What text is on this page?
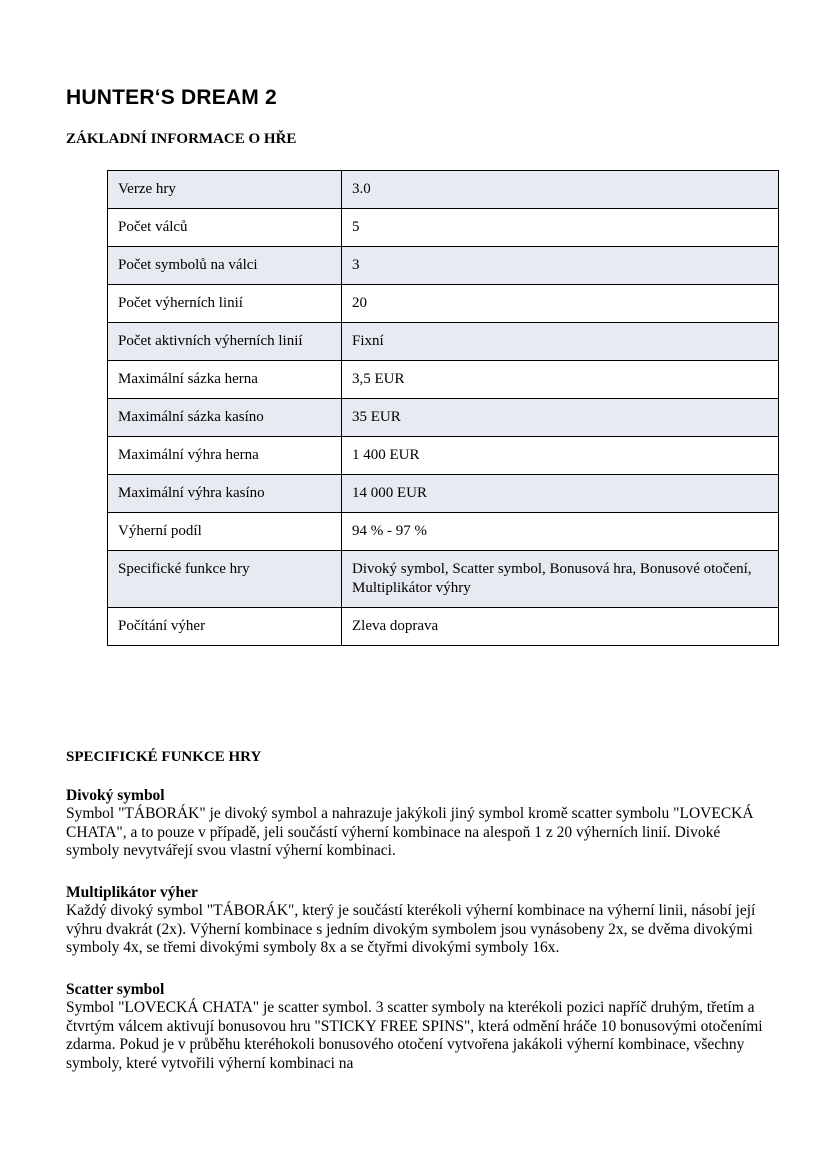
HUNTER‘S DREAM 2
ZÁKLADNÍ INFORMACE O HŘE
Verze hry	3.0
Počet válců	5
Počet symbolů na válci	3
Počet výherních linií	20
Počet aktivních výherních linií	Fixní
Maximální sázka herna	3,5 EUR
Maximální sázka kasíno	35 EUR
Maximální výhra herna	1 400 EUR
Maximální výhra kasíno	14 000 EUR
Výherní podíl	94 % - 97 %
Specifické funkce hry	Divoký symbol, Scatter symbol, Bonusová hra, Bonusové otočení, Multiplikátor výhry
Počítání výher	Zleva doprava
SPECIFICKÉ FUNKCE HRY
Divoký symbol

Symbol "TÁBORÁK" je divoký symbol a nahrazuje jakýkoli jiný symbol kromě scatter symbolu "LOVECKÁ CHATA", a to pouze v případě, jeli součástí výherní kombinace na alespoň 1 z 20 výherních linií. Divoké symboly nevytvářejí svou vlastní výherní kombinaci.

Multiplikátor výher

Každý divoký symbol "TÁBORÁK", který je součástí kterékoli výherní kombinace na výherní linii, násobí její výhru dvakrát (2x). Výherní kombinace s jedním divokým symbolem jsou vynásobeny 2x, se dvěma divokými symboly 4x, se třemi divokými symboly 8x a se čtyřmi divokými symboly 16x.

Scatter symbol

Symbol "LOVECKÁ CHATA" je scatter symbol. 3 scatter symboly na kterékoli pozici napříč druhým, třetím a čtvrtým válcem aktivují bonusovou hru "STICKY FREE SPINS", která odmění hráče 10 bonusovými otočeními zdarma. Pokud je v průběhu kteréhokoli bonusového otočení vytvořena jakákoli výherní kombinace, všechny symboly, které vytvořili výherní kombinaci na
